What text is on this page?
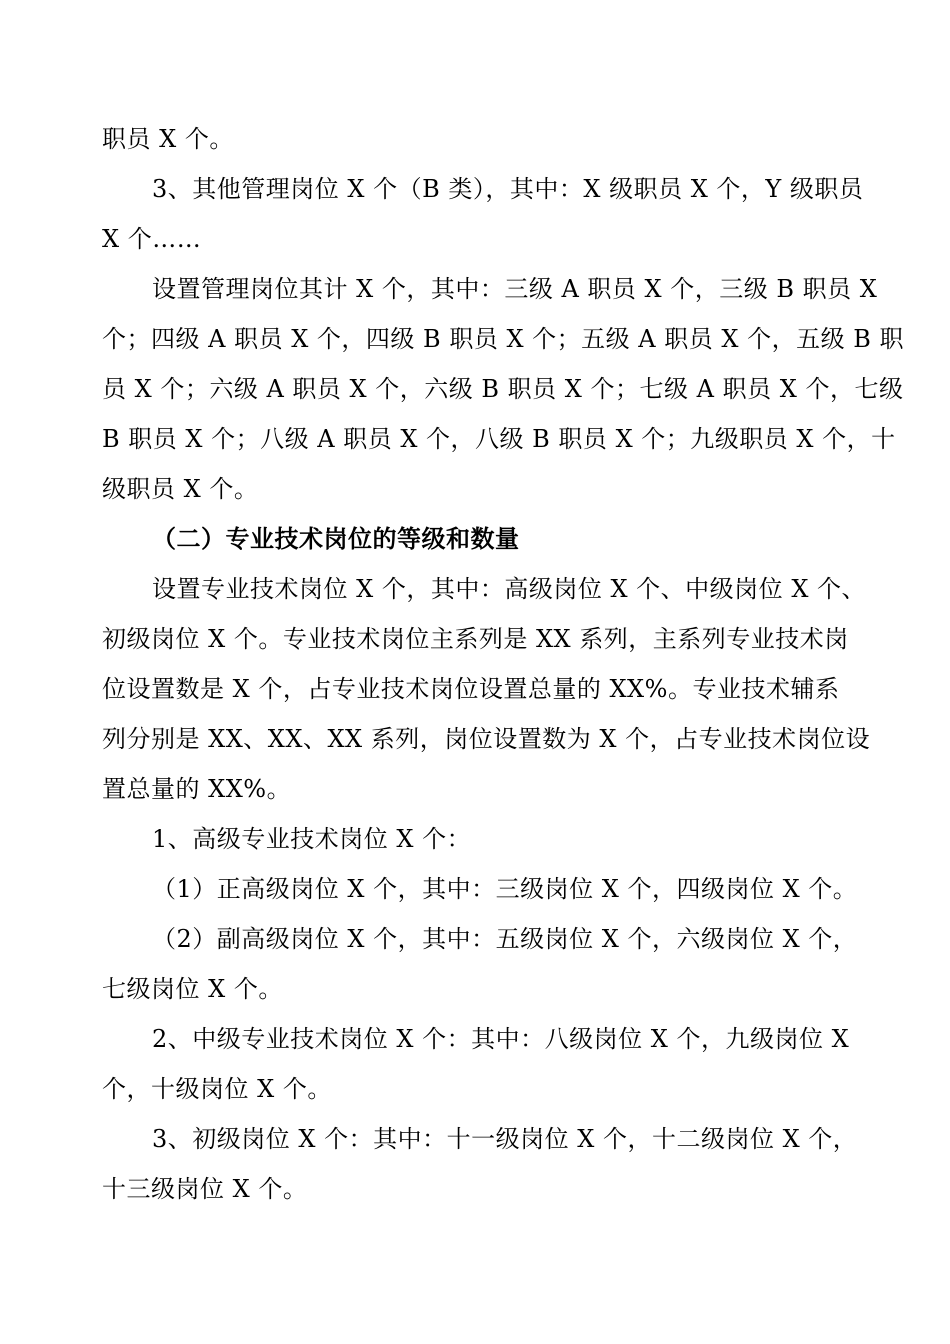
职员 X 个。

3、其他管理岗位 X 个（B 类），其中：X 级职员 X 个，Y 级职员

X 个……

设置管理岗位其计 X 个，其中：三级 A 职员 X 个，三级 B 职员 X

个；四级 A 职员 X 个，四级 B 职员 X 个；五级 A 职员 X 个，五级 B 职

员 X 个；六级 A 职员 X 个，六级 B 职员 X 个；七级 A 职员 X 个，七级

B 职员 X 个；八级 A 职员 X 个，八级 B 职员 X 个；九级职员 X 个，十

级职员 X 个。

（二）专业技术岗位的等级和数量

设置专业技术岗位 X 个，其中：高级岗位 X 个、中级岗位 X 个、

初级岗位 X 个。专业技术岗位主系列是 XX 系列，主系列专业技术岗

位设置数是 X 个，占专业技术岗位设置总量的 XX%。专业技术辅系

列分别是 XX、XX、XX 系列，岗位设置数为 X 个，占专业技术岗位设

置总量的 XX%。

1、高级专业技术岗位 X 个：

（1）正高级岗位 X 个，其中：三级岗位 X 个，四级岗位 X 个。

（2）副高级岗位 X 个，其中：五级岗位 X 个，六级岗位 X 个，

七级岗位 X 个。

2、中级专业技术岗位 X 个：其中：八级岗位 X 个，九级岗位 X

个，十级岗位 X 个。

3、初级岗位 X 个：其中：十一级岗位 X 个，十二级岗位 X 个，

十三级岗位 X 个。
